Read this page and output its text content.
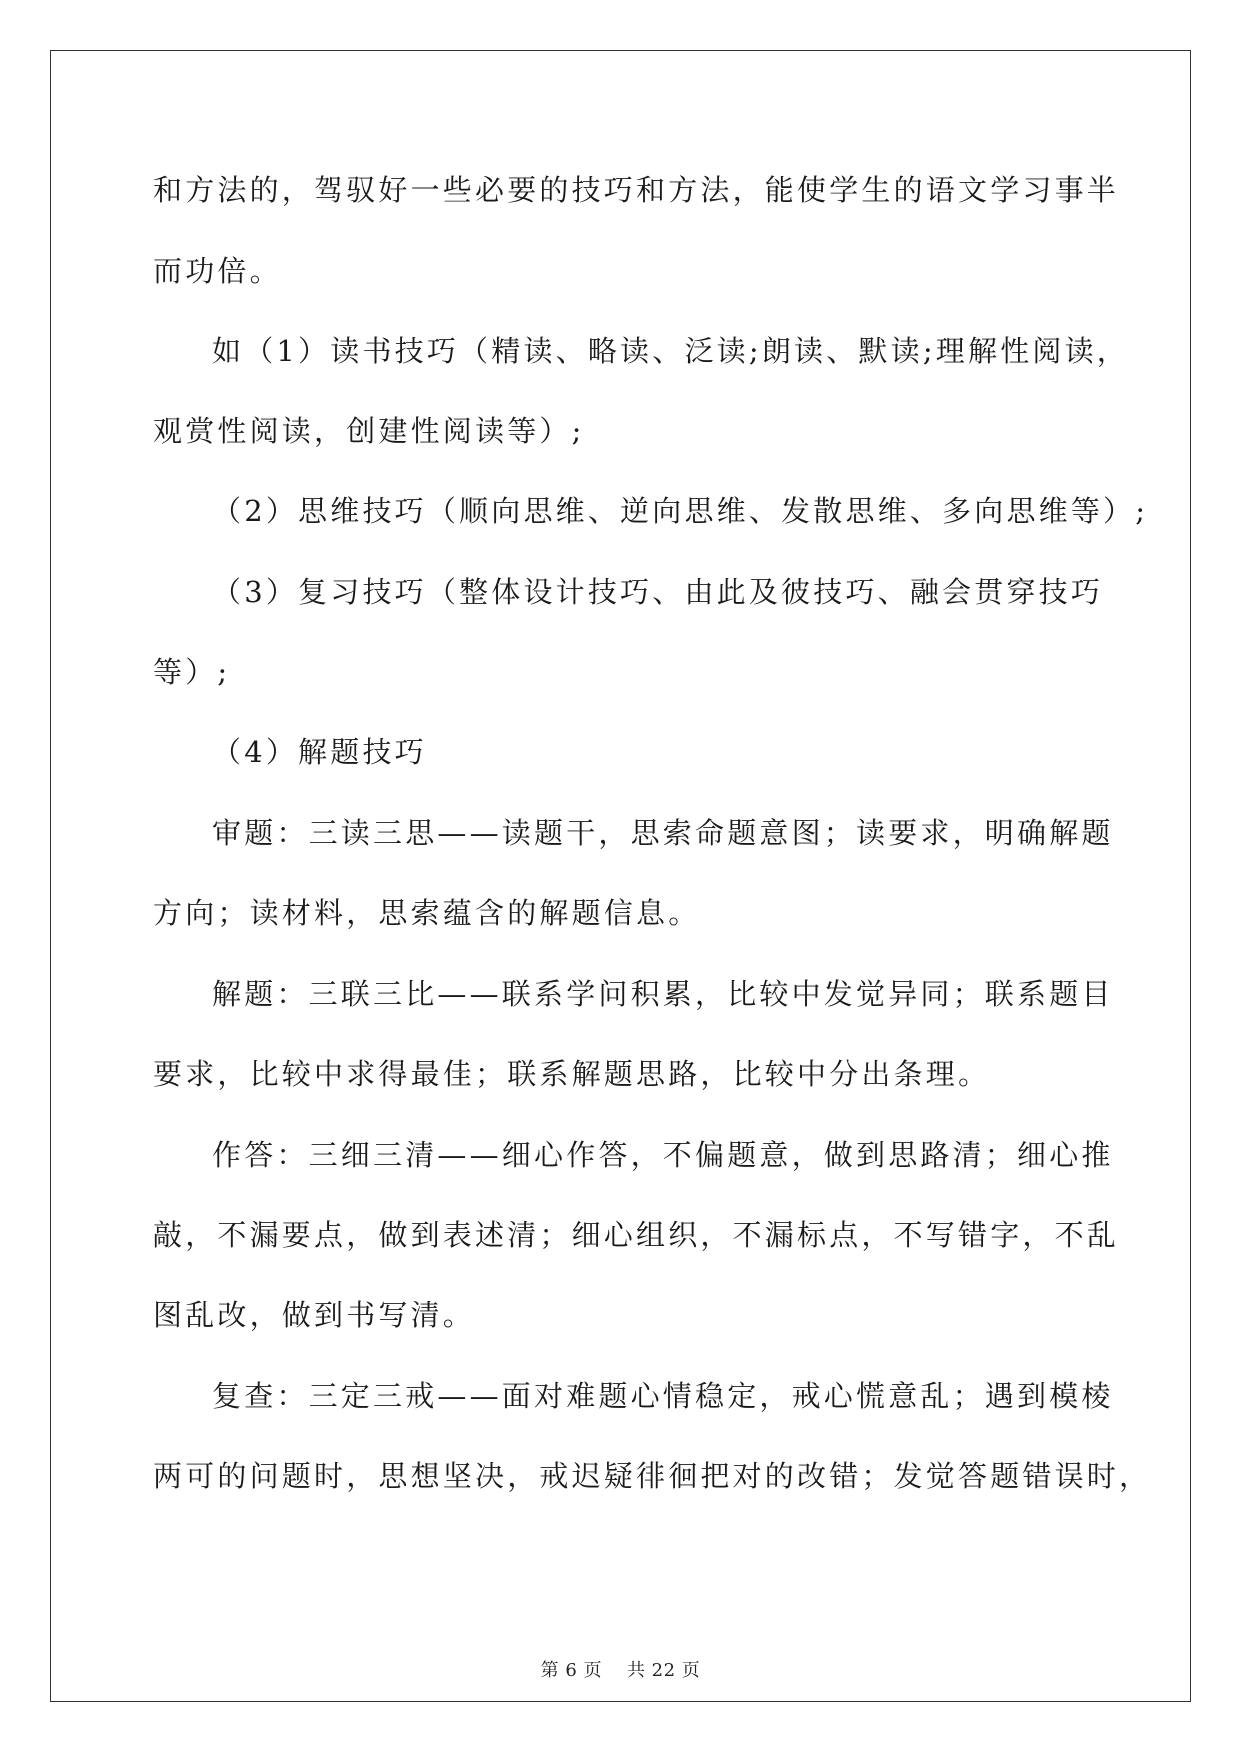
和方法的，驾驭好一些必要的技巧和方法，能使学生的语文学习事半
而功倍。
如（1）读书技巧（精读、略读、泛读;朗读、默读;理解性阅读，
观赏性阅读，创建性阅读等）;
（2）思维技巧（顺向思维、逆向思维、发散思维、多向思维等）;
（3）复习技巧（整体设计技巧、由此及彼技巧、融会贯穿技巧
等）;
（4）解题技巧
审题：三读三思——读题干，思索命题意图；读要求，明确解题
方向；读材料，思索蕴含的解题信息。
解题：三联三比——联系学问积累，比较中发觉异同；联系题目
要求，比较中求得最佳；联系解题思路，比较中分出条理。
作答：三细三清——细心作答，不偏题意，做到思路清；细心推
敲，不漏要点，做到表述清；细心组织，不漏标点，不写错字，不乱
图乱改，做到书写清。
复查：三定三戒——面对难题心情稳定，戒心慌意乱；遇到模棱
两可的问题时，思想坚决，戒迟疑徘徊把对的改错；发觉答题错误时，
第 6 页    共 22 页
